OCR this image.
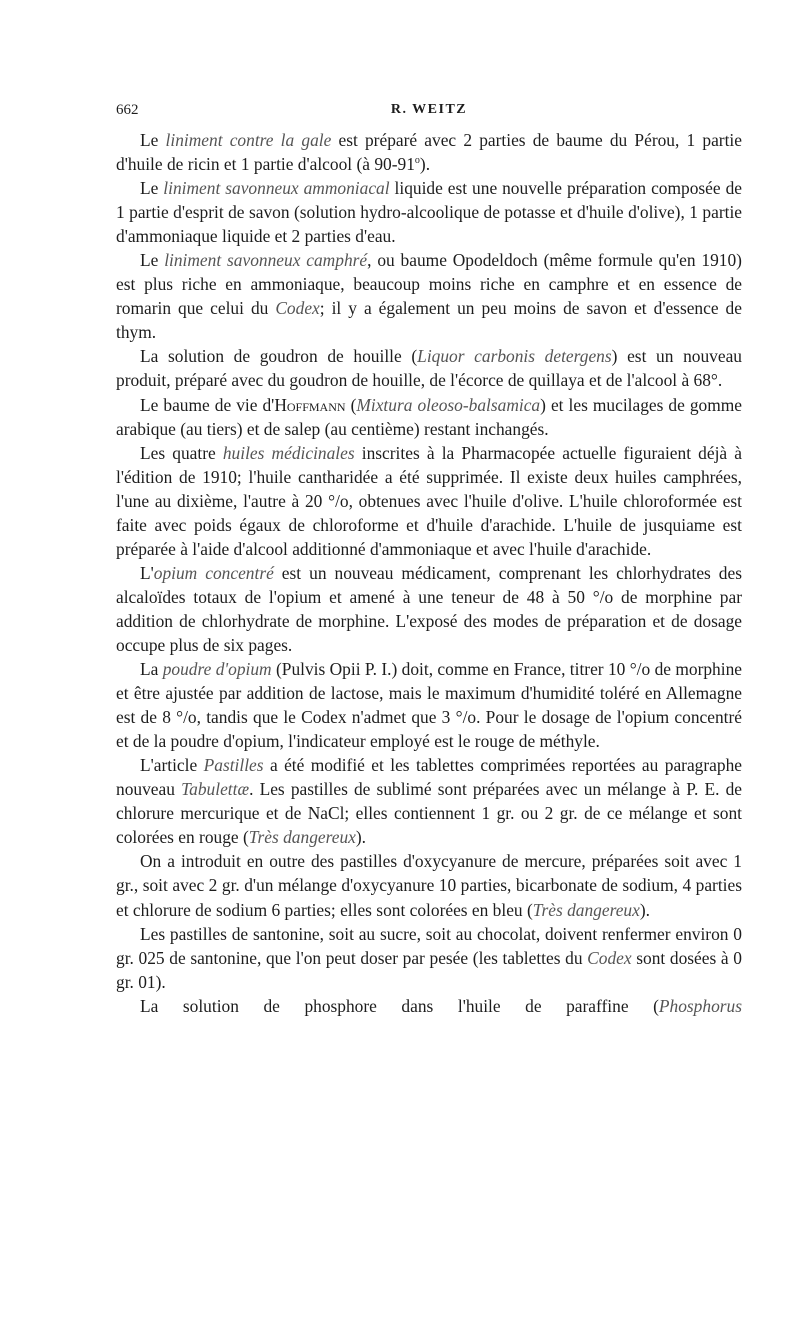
662	R. WEITZ

Le liniment contre la gale est préparé avec 2 parties de baume du Pérou, 1 partie d'huile de ricin et 1 partie d'alcool (à 90-91$^o$).

Le liniment savonneux ammoniacal liquide est une nouvelle préparation composée de 1 partie d'esprit de savon (solution hydro-alcoolique de potasse et d'huile d'olive), 1 partie d'ammoniaque liquide et 2 parties d'eau.

Le liniment savonneux camphré, ou baume Opodeldoch (même formule qu'en 1910) est plus riche en ammoniaque, beaucoup moins riche en camphre et en essence de romarin que celui du Codex; il y a également un peu moins de savon et d'essence de thym.

La solution de goudron de houille (Liquor carbonis detergens) est un nouveau produit, préparé avec du goudron de houille, de l'écorce de quillaya et de l'alcool à 68°.

Le baume de vie d'Hoffmann (Mixtura oleoso-balsamica) et les mucilages de gomme arabique (au tiers) et de salep (au centième) restant inchangés.

Les quatre huiles médicinales inscrites à la Pharmacopée actuelle figuraient déjà à l'édition de 1910; l'huile cantharidée a été supprimée. Il existe deux huiles camphrées, l'une au dixième, l'autre à 20 °/o, obtenues avec l'huile d'olive. L'huile chloroformée est faite avec poids égaux de chloroforme et d'huile d'arachide. L'huile de jusquiame est préparée à l'aide d'alcool additionné d'ammoniaque et avec l'huile d'arachide.

L'opium concentré est un nouveau médicament, comprenant les chlorhydrates des alcaloïdes totaux de l'opium et amené à une teneur de 48 à 50 °/o de morphine par addition de chlorhydrate de morphine. L'exposé des modes de préparation et de dosage occupe plus de six pages.

La poudre d'opium (Pulvis Opii P. I.) doit, comme en France, titrer 10 °/o de morphine et être ajustée par addition de lactose, mais le maximum d'humidité toléré en Allemagne est de 8 °/o, tandis que le Codex n'admet que 3 °/o. Pour le dosage de l'opium concentré et de la poudre d'opium, l'indicateur employé est le rouge de méthyle.

L'article Pastilles a été modifié et les tablettes comprimées reportées au paragraphe nouveau Tabulettæ. Les pastilles de sublimé sont préparées avec un mélange à P. E. de chlorure mercurique et de NaCl; elles contiennent 1 gr. ou 2 gr. de ce mélange et sont colorées en rouge (Très dangereux).

On a introduit en outre des pastilles d'oxycyanure de mercure, préparées soit avec 1 gr., soit avec 2 gr. d'un mélange d'oxycyanure 10 parties, bicarbonate de sodium, 4 parties et chlorure de sodium 6 parties; elles sont colorées en bleu (Très dangereux).

Les pastilles de santonine, soit au sucre, soit au chocolat, doivent renfermer environ 0 gr. 025 de santonine, que l'on peut doser par pesée (les tablettes du Codex sont dosées à 0 gr. 01).

La solution de phosphore dans l'huile de paraffine (Phosphorus
